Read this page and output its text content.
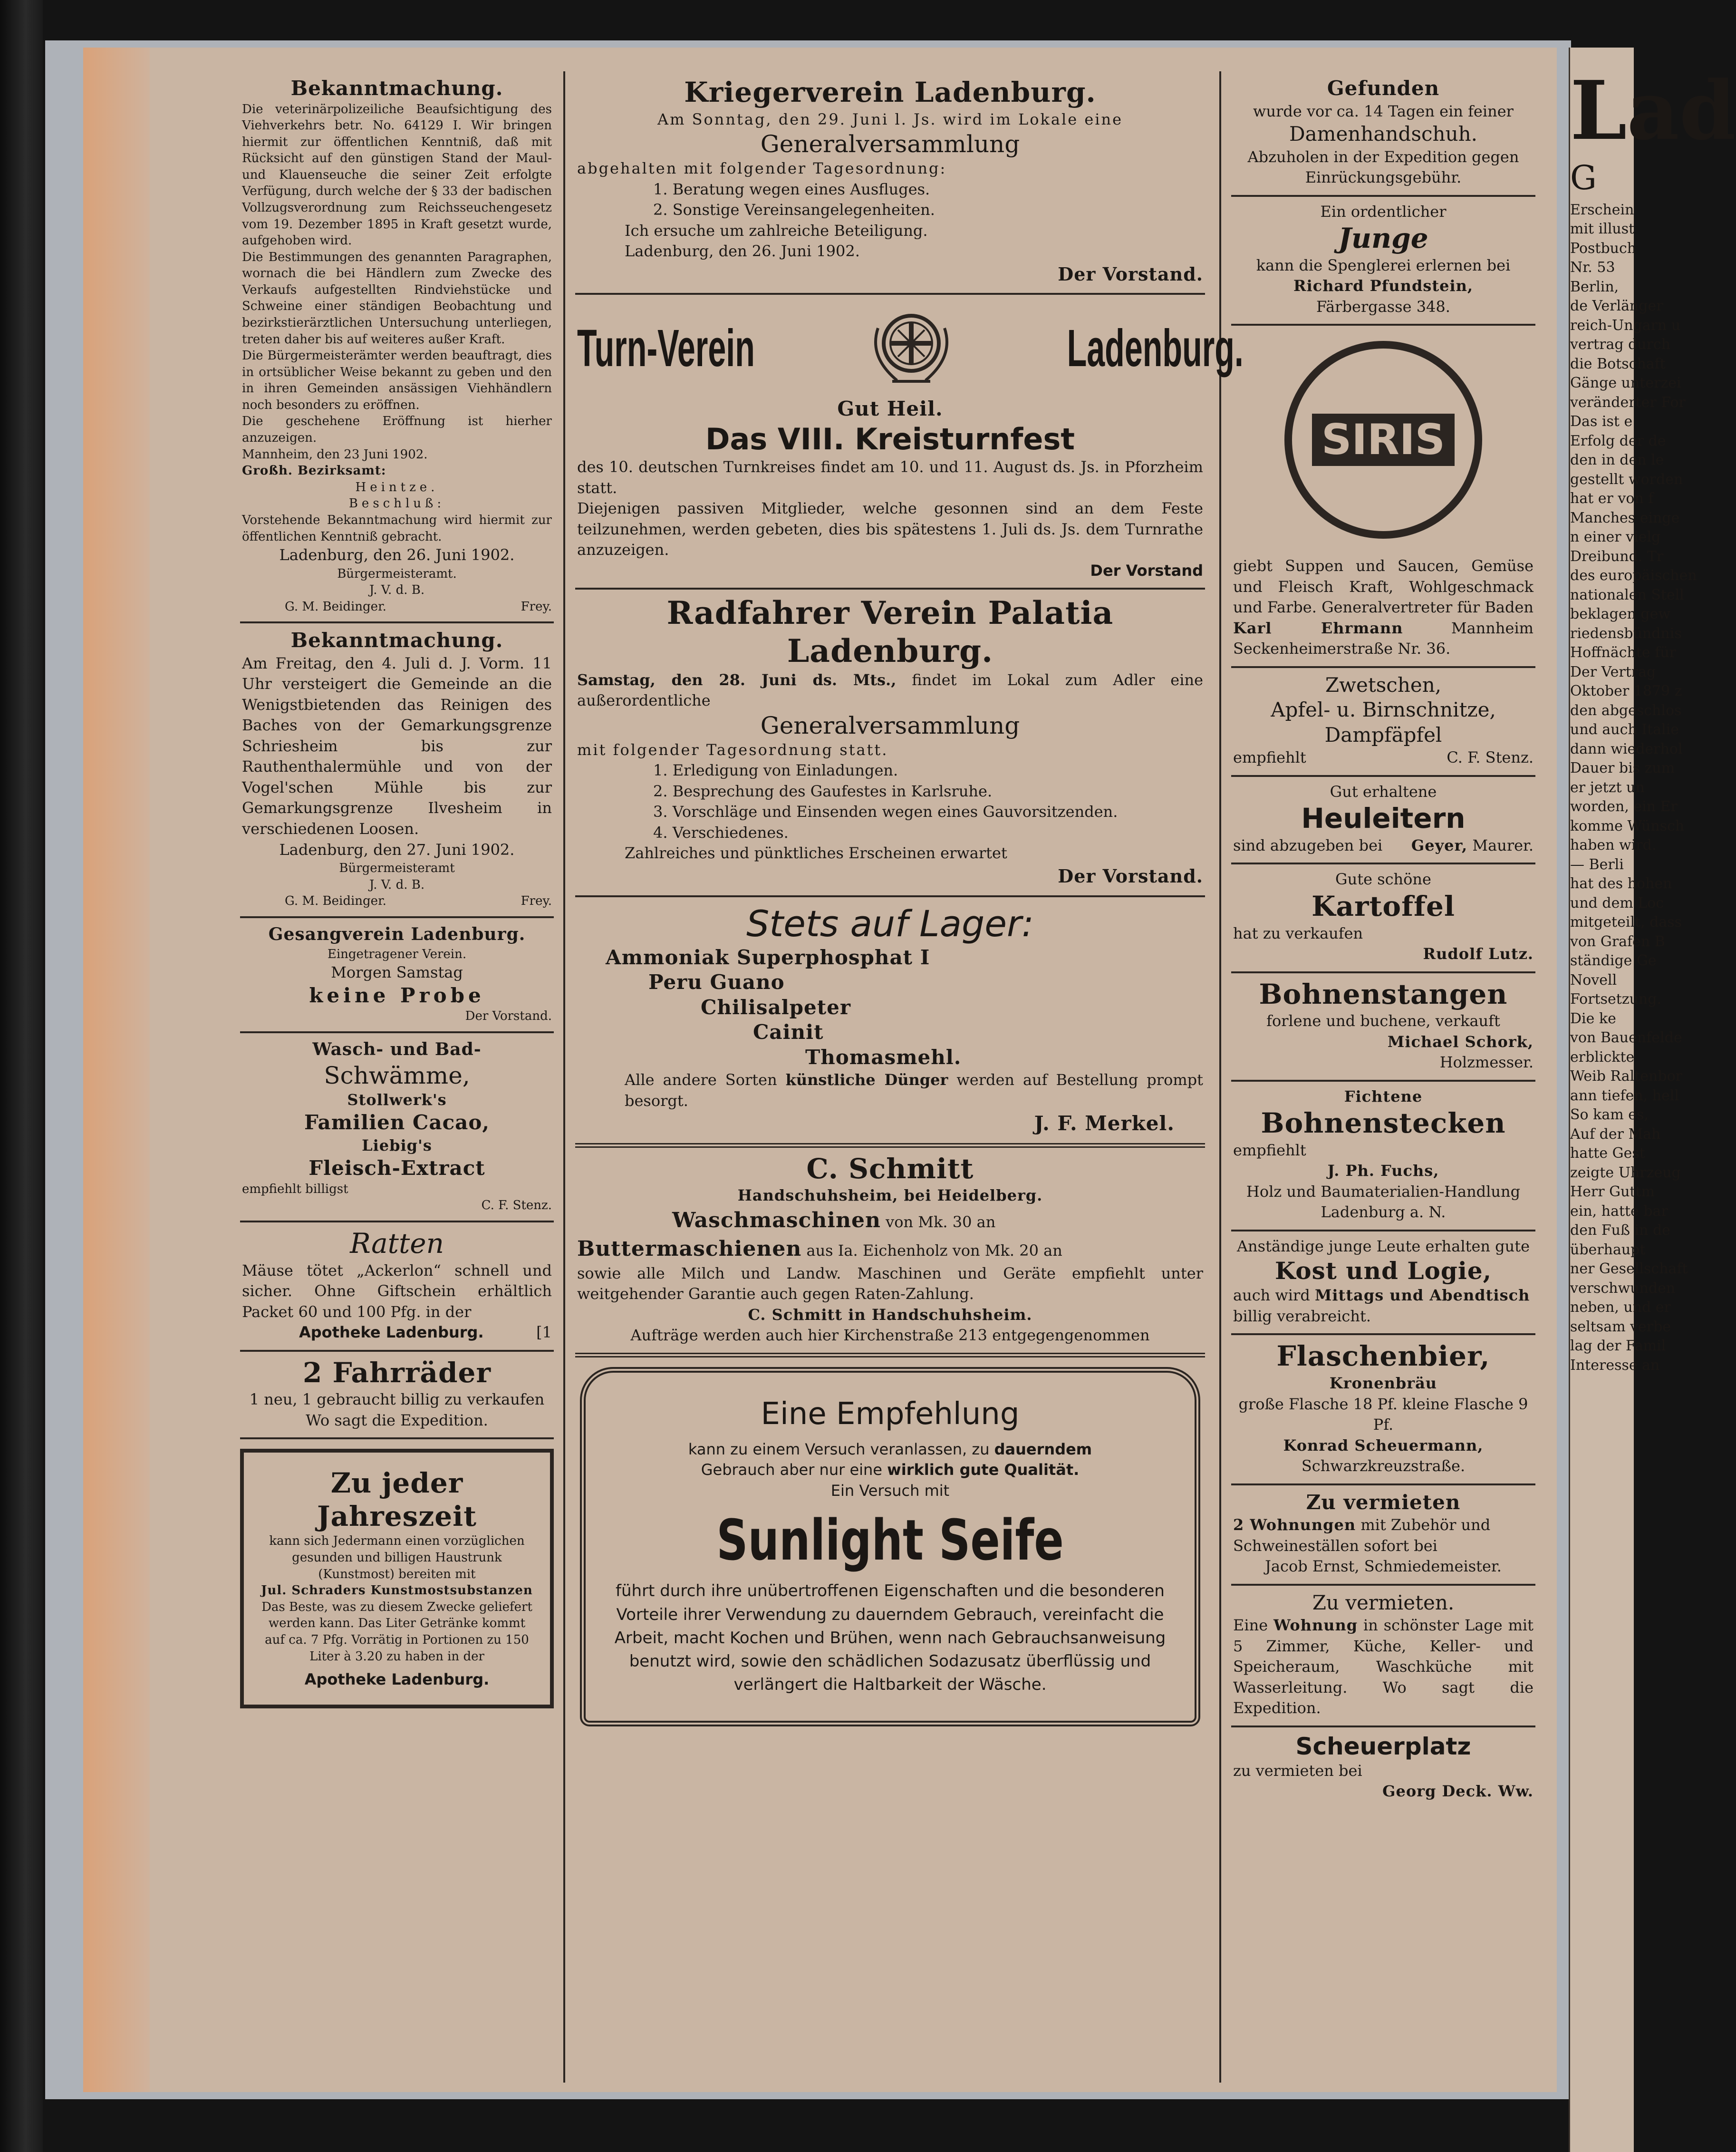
Bekanntmachung.

Die veterinärpolizeiliche Beaufsichtigung des Viehverkehrs betr. No. 64129 I. Wir bringen hiermit zur öffentlichen Kenntniß, daß mit Rücksicht auf den günstigen Stand der Maul- und Klauenseuche die seiner Zeit erfolgte Verfügung, durch welche der § 33 der badischen Vollzugsverordnung zum Reichsseuchengesetz vom 19. Dezember 1895 in Kraft gesetzt wurde, aufgehoben wird.

Die Bestimmungen des genannten Paragraphen, wornach die bei Händlern zum Zwecke des Verkaufs aufgestellten Rindviehstücke und Schweine einer ständigen Beobachtung und bezirkstierärztlichen Untersuchung unterliegen, treten daher bis auf weiteres außer Kraft.

Die Bürgermeisterämter werden beauftragt, dies in ortsüblicher Weise bekannt zu geben und den in ihren Gemeinden ansässigen Viehhändlern noch besonders zu eröffnen.

Die geschehene Eröffnung ist hierher anzuzeigen.

Mannheim, den 23 Juni 1902.

Großh. Bezirksamt:

Heintze.

Beschluß:

Vorstehende Bekanntmachung wird hiermit zur öffentlichen Kenntniß gebracht.

Ladenburg, den 26. Juni 1902.

Bürgermeisteramt.

J. V. d. B.

G. M. Beidinger.	Frey.
Bekanntmachung.

Am Freitag, den 4. Juli d. J. Vorm. 11 Uhr versteigert die Gemeinde an die Wenigstbietenden das Reinigen des Baches von der Gemarkungsgrenze Schriesheim bis zur Rauthenthalermühle und von der Vogel'schen Mühle bis zur Gemarkungsgrenze Ilvesheim in verschiedenen Loosen.

Ladenburg, den 27. Juni 1902.

Bürgermeisteramt

J. V. d. B.

G. M. Beidinger.	Frey.
Gesangverein Ladenburg.

Eingetragener Verein.

Morgen Samstag

keine Probe

Der Vorstand.

Wasch- und Bad-

Schwämme,

Stollwerk's

Familien Cacao,

Liebig's

Fleisch-Extract

empfiehlt billigst

C. F. Stenz.

Ratten

Mäuse tötet „Ackerlon“ schnell und sicher. Ohne Giftschein erhältlich Packet 60 und 100 Pfg. in der

Apotheke Ladenburg.	[1
2 Fahrräder

1 neu, 1 gebraucht billig zu verkaufen Wo sagt die Expedition.

Zu jeder
Jahreszeit

kann sich Jedermann einen vorzüglichen gesunden und billigen Haustrunk (Kunstmost) bereiten mit

Jul. Schraders Kunstmostsubstanzen

Das Beste, was zu diesem Zwecke geliefert werden kann. Das Liter Getränke kommt auf ca. 7 Pfg. Vorrätig in Portionen zu 150 Liter à 3.20 zu haben in der

Apotheke Ladenburg.

Kriegerverein Ladenburg.

Am Sonntag, den 29. Juni l. Js. wird im Lokale eine

Generalversammlung

abgehalten mit folgender Tagesordnung:

1. Beratung wegen eines Ausfluges.

2. Sonstige Vereinsangelegenheiten.

Ich ersuche um zahlreiche Beteiligung.

Ladenburg, den 26. Juni 1902.

Der Vorstand.

Turn-Verein	Ladenburg.

Gut Heil.

Das VIII. Kreisturnfest

des 10. deutschen Turnkreises findet am 10. und 11. August ds. Js. in Pforzheim statt.

Diejenigen passiven Mitglieder, welche gesonnen sind an dem Feste teilzunehmen, werden gebeten, dies bis spätestens 1. Juli ds. Js. dem Turnrathe anzuzeigen.

Der Vorstand

Radfahrer Verein Palatia Ladenburg.

Samstag, den 28. Juni ds. Mts., findet im Lokal zum Adler eine außerordentliche

Generalversammlung

mit folgender Tagesordnung statt.

1. Erledigung von Einladungen.

2. Besprechung des Gaufestes in Karlsruhe.

3. Vorschläge und Einsenden wegen eines Gauvorsitzenden.

4. Verschiedenes.

Zahlreiches und pünktliches Erscheinen erwartet

Der Vorstand.

Stets auf Lager:

Ammoniak Superphosphat I

Peru Guano

Chilisalpeter

Cainit

Thomasmehl.

Alle andere Sorten künstliche Dünger werden auf Bestellung prompt besorgt.

J. F. Merkel.

C. Schmitt

Handschuhsheim, bei Heidelberg.

Waschmaschinen von Mk. 30 an

Buttermaschienen aus Ia. Eichenholz von Mk. 20 an

sowie alle Milch und Landw. Maschinen und Geräte empfiehlt unter weitgehender Garantie auch gegen Raten-Zahlung.

C. Schmitt in Handschuhsheim.

Aufträge werden auch hier Kirchenstraße 213 entgegengenommen

Eine Empfehlung

kann zu einem Versuch veranlassen, zu dauerndem

Gebrauch aber nur eine wirklich gute Qualität.

Ein Versuch mit

Sunlight Seife

führt durch ihre unübertroffenen Eigenschaften und die besonderen Vorteile ihrer Verwendung zu dauerndem Gebrauch, vereinfacht die Arbeit, macht Kochen und Brühen, wenn nach Gebrauchsanweisung benutzt wird, sowie den schädlichen Sodazusatz überflüssig und verlängert die Haltbarkeit der Wäsche.

Gefunden

wurde vor ca. 14 Tagen ein feiner

Damenhandschuh.

Abzuholen in der Expedition gegen Einrückungsgebühr.

Ein ordentlicher

Junge

kann die Spenglerei erlernen bei

Richard Pfundstein,

Färbergasse 348.

SIRIS

giebt Suppen und Saucen, Gemüse und Fleisch Kraft, Wohlgeschmack und Farbe. Generalvertreter für Baden Karl Ehrmann	Mannheim Seckenheimerstraße Nr. 36.

Zwetschen,

Apfel- u. Birnschnitze,

Dampfäpfel

empfiehlt	C. F. Stenz.

Gut erhaltene

Heuleitern

sind abzugeben bei Geyer, Maurer.

Gute schöne

Kartoffel

hat zu verkaufen

Rudolf Lutz.

Bohnenstangen

forlene und buchene, verkauft

Michael Schork,

Holzmesser.

Fichtene

Bohnenstecken

empfiehlt

J. Ph. Fuchs,

Holz und Baumaterialien-Handlung

Ladenburg a. N.

Anständige junge Leute erhalten gute

Kost und Logie,

auch wird Mittags und Abendtisch billig verabreicht.

Flaschenbier,

Kronenbräu

große Flasche 18 Pf. kleine Flasche 9 Pf.

Konrad Scheuermann,

Schwarzkreuzstraße.

Zu vermieten

2 Wohnungen mit Zubehör und Schweineställen sofort bei

Jacob Ernst, Schmiedemeister.

Zu vermieten.

Eine Wohnung in schönster Lage mit 5 Zimmer, Küche, Keller- und Speicheraum, Waschküche mit Wasserleitung. Wo sagt die Expedition.

Scheuerplatz

zu vermieten bei

Georg Deck. Ww.

Lad
G
Erschein
mit illust
Postbuch
Nr. 53
Berlin,
de Verlänger
reich-Ungarn u
vertrag durch
die Botschaft
Gänge unterzei
veränderter For
Das ist e
Erfolg der de
den in den le
gestellt worden
hat er von f
Manches einge
n einer vielg
Dreibund. Tr
des europäischen
nationalen Stell
beklagen gew
riedensbündnis
Hoffnächte für
Der Vertrag
Oktober 1879 z
den abgeschlos
und auch Italie
dann wiederhol
Dauer bis zum
er jetzt un
worden, ein Er
komme Wünsch
haben wird.
— Berli
hat des hohen
und dem Loc
mitgeteilt, dass
von Grafen B
ständige Ge
Novell
Fortsetzung.
Die ke
von Bauenfelde
erblickte
Weib Raltenbor
ann tiefen, hell
So kam es,
Auf der Mah
hatte Gest
zeigte Uhrzeug
Herr Guttm
ein, hatte bar
den Fuß in de
überhaupt
ner Gesellschaft
verschwunden
neben, und er
seltsam verbe
lag der Famil
Interesse an
